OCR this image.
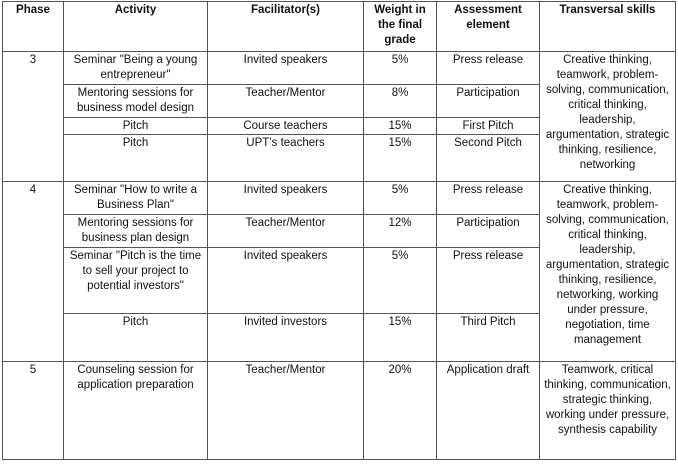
Phase	Activity	Facilitator(s)	Weight in the final grade	Assessment element	Transversal skills
3	Seminar "Being a young entrepreneur"	Invited speakers	5%	Press release	Creative thinking, teamwork, problem-solving, communication, critical thinking, leadership, argumentation, strategic thinking, resilience, networking
	Mentoring sessions for business model design	Teacher/Mentor	8%	Participation	
	Pitch	Course teachers	15%	First Pitch	
	Pitch	UPT’s teachers	15%	Second Pitch	
4	Seminar "How to write a Business Plan"	Invited speakers	5%	Press release	Creative thinking, teamwork, problem-solving, communication, critical thinking, leadership, argumentation, strategic thinking, resilience, networking, working under pressure, negotiation, time management
	Mentoring sessions for business plan design	Teacher/Mentor	12%	Participation	
	Seminar "Pitch is the time to sell your project to potential investors"	Invited speakers	5%	Press release	
	Pitch	Invited investors	15%	Third Pitch	
5	Counseling session for application preparation	Teacher/Mentor	20%	Application draft	Teamwork, critical thinking, communication, strategic thinking, working under pressure, synthesis capability
